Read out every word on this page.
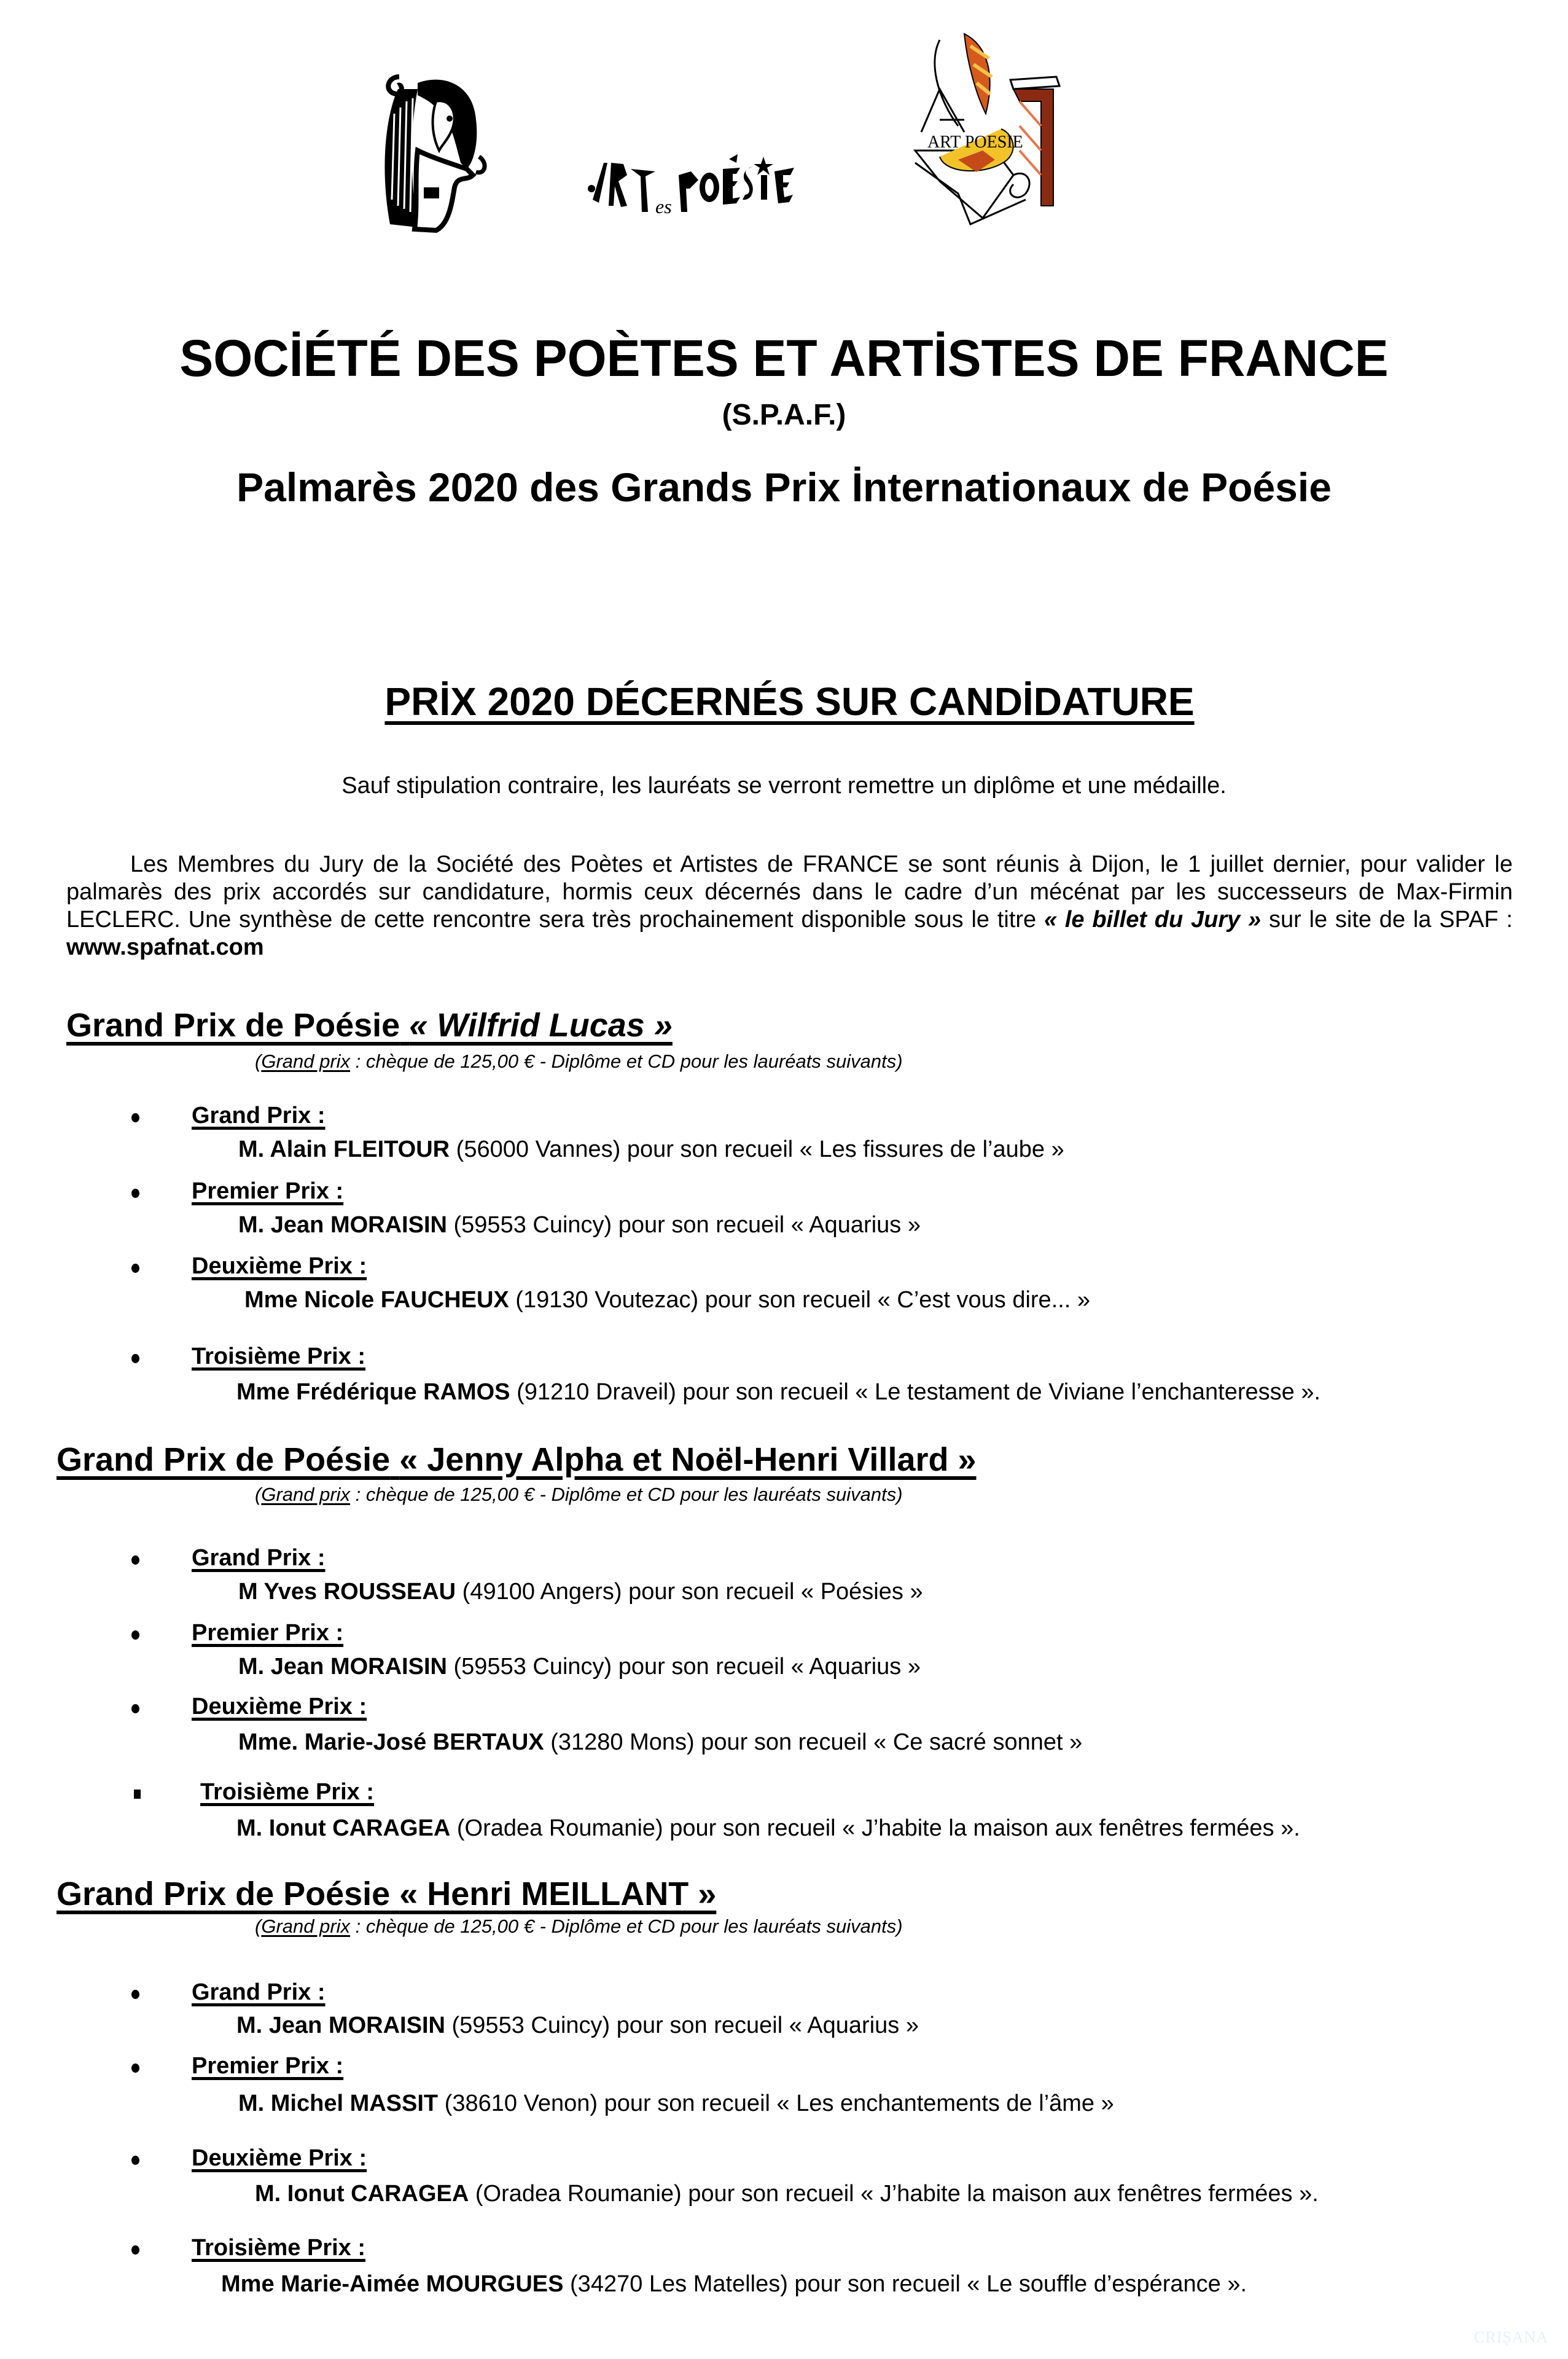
es
ART POESIE
SOCİÉTÉ DES POÈTES ET ARTİSTES DE FRANCE
(S.P.A.F.)
Palmarès 2020 des Grands Prix İnternationaux de Poésie
PRİX 2020 DÉCERNÉS SUR CANDİDATURE
Sauf stipulation contraire, les lauréats se verront remettre un diplôme et une médaille.
Les Membres du Jury de la Société des Poètes et Artistes de FRANCE se sont réunis à Dijon, le 1 juillet dernier, pour valider le palmarès des prix accordés sur candidature, hormis ceux décernés dans le cadre d’un mécénat par les successeurs de Max-Firmin LECLERC. Une synthèse de cette rencontre sera très prochainement disponible sous le titre « le billet du Jury » sur le site de la SPAF : www.spafnat.com
Grand Prix de Poésie « Wilfrid Lucas »
(Grand prix : chèque de 125,00 € - Diplôme et CD pour les lauréats suivants)
Grand Prix :
M. Alain FLEITOUR (56000 Vannes) pour son recueil « Les fissures de l’aube »
Premier Prix :
M. Jean MORAISIN (59553 Cuincy) pour son recueil « Aquarius »
Deuxième Prix :
Mme Nicole FAUCHEUX (19130 Voutezac) pour son recueil « C’est vous dire... »
Troisième Prix :
Mme Frédérique RAMOS (91210 Draveil) pour son recueil « Le testament de Viviane l’enchanteresse ».
Grand Prix de Poésie « Jenny Alpha et Noël-Henri Villard »
(Grand prix : chèque de 125,00 € - Diplôme et CD pour les lauréats suivants)
Grand Prix :
M Yves ROUSSEAU (49100 Angers) pour son recueil « Poésies »
Premier Prix :
M. Jean MORAISIN (59553 Cuincy) pour son recueil « Aquarius »
Deuxième Prix :
Mme. Marie-José BERTAUX (31280 Mons) pour son recueil « Ce sacré sonnet »
Troisième Prix :
M. Ionut CARAGEA (Oradea Roumanie) pour son recueil « J’habite la maison aux fenêtres fermées ».
Grand Prix de Poésie « Henri MEILLANT »
(Grand prix : chèque de 125,00 € - Diplôme et CD pour les lauréats suivants)
Grand Prix :
M. Jean MORAISIN (59553 Cuincy) pour son recueil « Aquarius »
Premier Prix :
M. Michel MASSIT (38610 Venon) pour son recueil « Les enchantements de l’âme »
Deuxième Prix :
M. Ionut CARAGEA (Oradea Roumanie) pour son recueil « J’habite la maison aux fenêtres fermées ».
Troisième Prix :
Mme Marie-Aimée MOURGUES (34270 Les Matelles) pour son recueil « Le souffle d’espérance ».
CRIȘANA
